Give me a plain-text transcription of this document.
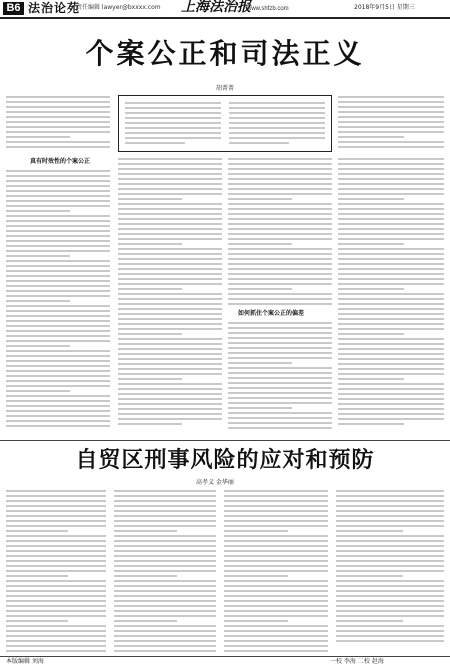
B6 法治论苑
责任编辑 lawyer@bxxxx.com 上海法治报
www.shfzb.com	2018年9月5日 星期三
个案公正和司法正义
胡菁菁
真有时效性的个案公正
如何抓住个案公正的偏差
自贸区刑事风险的应对和预防
高孝义 金华丽
本版编辑 刘海	一校 李海 二校 赵海
